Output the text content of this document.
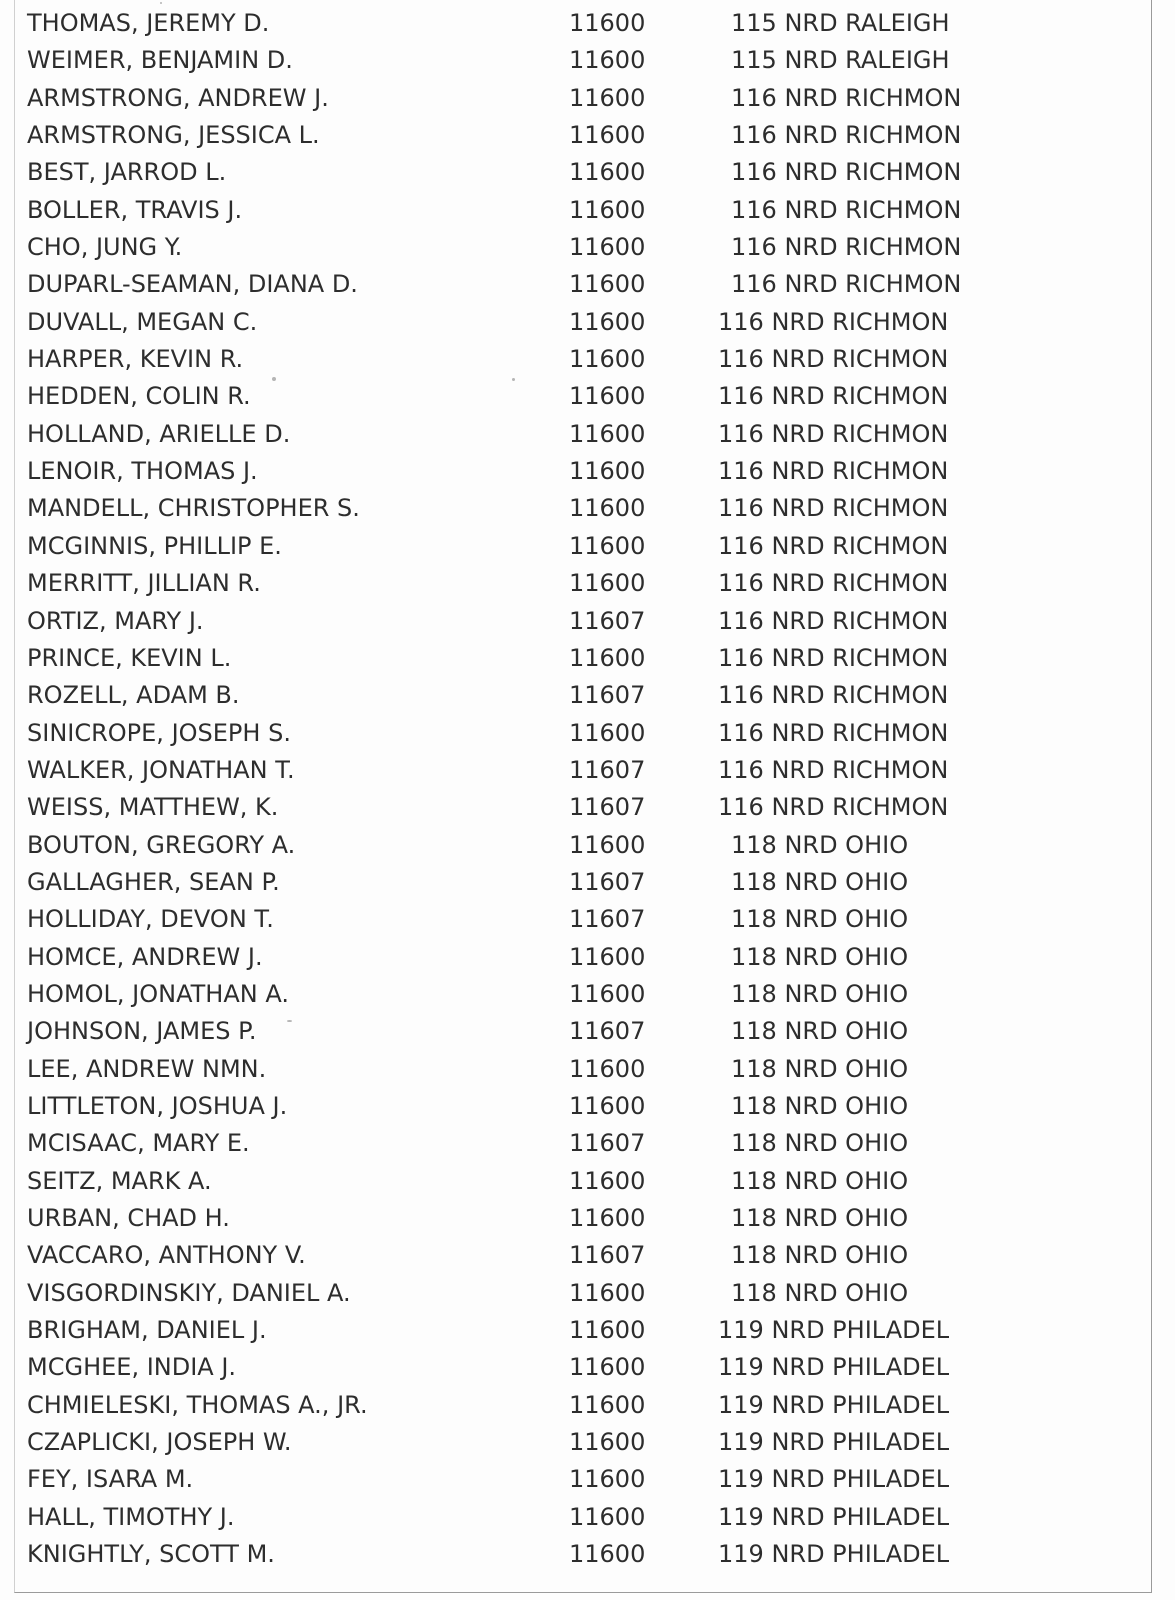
THOMAS, JEREMY D.	11600	115 NRD RALEIGH
WEIMER, BENJAMIN D.	11600	115 NRD RALEIGH
ARMSTRONG, ANDREW J.	11600	116 NRD RICHMON
ARMSTRONG, JESSICA L.	11600	116 NRD RICHMON
BEST, JARROD L.	11600	116 NRD RICHMON
BOLLER, TRAVIS J.	11600	116 NRD RICHMON
CHO, JUNG Y.	11600	116 NRD RICHMON
DUPARL-SEAMAN, DIANA D.	11600	116 NRD RICHMON
DUVALL, MEGAN C.	11600	116 NRD RICHMON
HARPER, KEVIN R.	11600	116 NRD RICHMON
HEDDEN, COLIN R.	11600	116 NRD RICHMON
HOLLAND, ARIELLE D.	11600	116 NRD RICHMON
LENOIR, THOMAS J.	11600	116 NRD RICHMON
MANDELL, CHRISTOPHER S.	11600	116 NRD RICHMON
MCGINNIS, PHILLIP E.	11600	116 NRD RICHMON
MERRITT, JILLIAN R.	11600	116 NRD RICHMON
ORTIZ, MARY J.	11607	116 NRD RICHMON
PRINCE, KEVIN L.	11600	116 NRD RICHMON
ROZELL, ADAM B.	11607	116 NRD RICHMON
SINICROPE, JOSEPH S.	11600	116 NRD RICHMON
WALKER, JONATHAN T.	11607	116 NRD RICHMON
WEISS, MATTHEW, K.	11607	116 NRD RICHMON
BOUTON, GREGORY A.	11600	118 NRD OHIO
GALLAGHER, SEAN P.	11607	118 NRD OHIO
HOLLIDAY, DEVON T.	11607	118 NRD OHIO
HOMCE, ANDREW J.	11600	118 NRD OHIO
HOMOL, JONATHAN A.	11600	118 NRD OHIO
JOHNSON, JAMES P.	11607	118 NRD OHIO
LEE, ANDREW NMN.	11600	118 NRD OHIO
LITTLETON, JOSHUA J.	11600	118 NRD OHIO
MCISAAC, MARY E.	11607	118 NRD OHIO
SEITZ, MARK A.	11600	118 NRD OHIO
URBAN, CHAD H.	11600	118 NRD OHIO
VACCARO, ANTHONY V.	11607	118 NRD OHIO
VISGORDINSKIY, DANIEL A.	11600	118 NRD OHIO
BRIGHAM, DANIEL J.	11600	119 NRD PHILADEL
MCGHEE, INDIA J.	11600	119 NRD PHILADEL
CHMIELESKI, THOMAS A., JR.	11600	119 NRD PHILADEL
CZAPLICKI, JOSEPH W.	11600	119 NRD PHILADEL
FEY, ISARA M.	11600	119 NRD PHILADEL
HALL, TIMOTHY J.	11600	119 NRD PHILADEL
KNIGHTLY, SCOTT M.	11600	119 NRD PHILADEL
